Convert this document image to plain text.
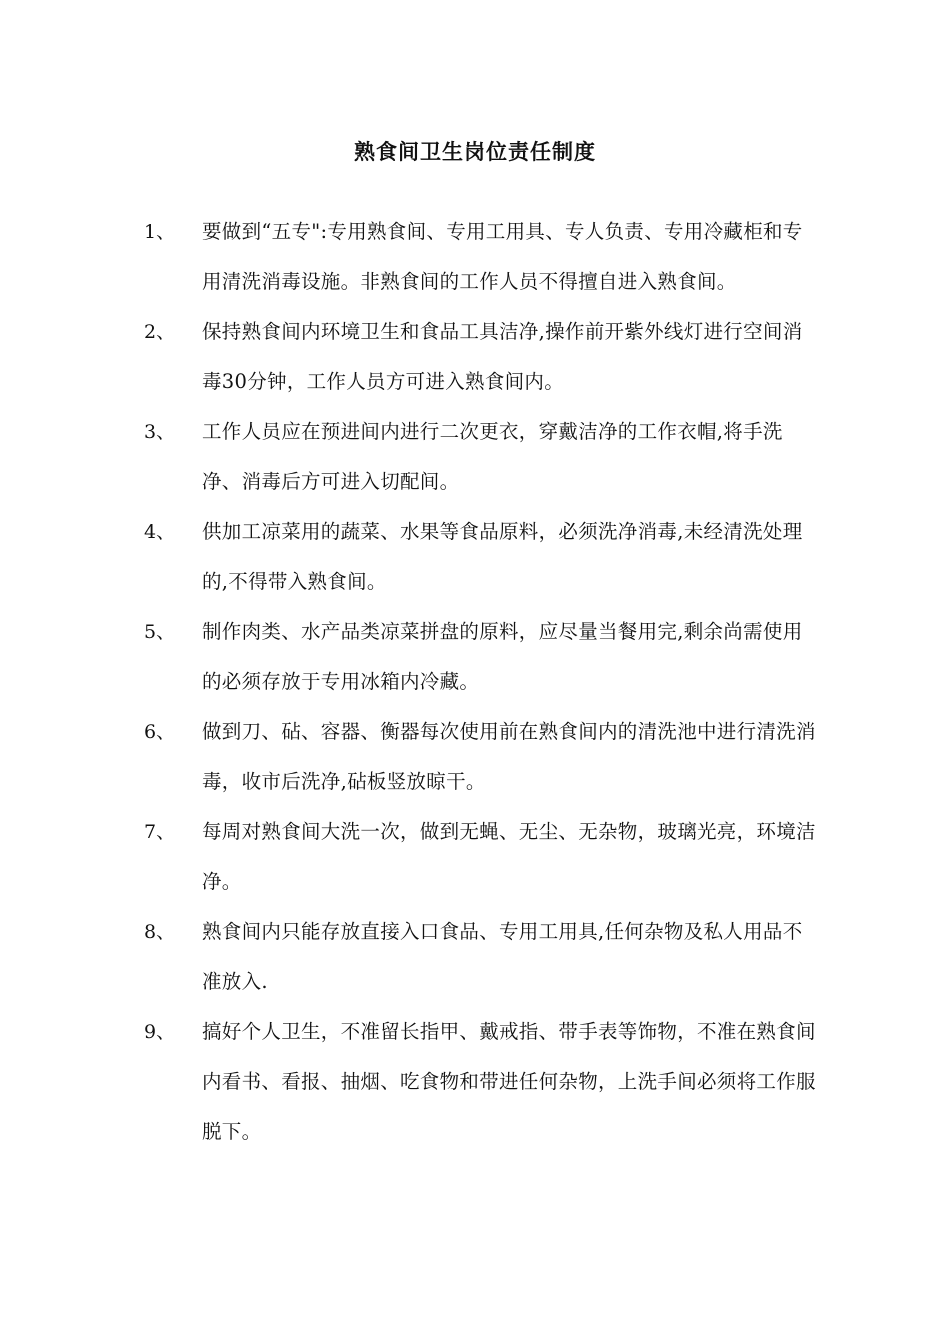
熟食间卫生岗位责任制度
1、	要做到“五专":专用熟食间、专用工用具、专人负责、专用冷藏柜和专用清洗消毒设施。非熟食间的工作人员不得擅自进入熟食间。
2、	保持熟食间内环境卫生和食品工具洁净,操作前开紫外线灯进行空间消毒30分钟，工作人员方可进入熟食间内。
3、	工作人员应在预进间内进行二次更衣，穿戴洁净的工作衣帽,将手洗净、消毒后方可进入切配间。
4、	供加工凉菜用的蔬菜、水果等食品原料，必须洗净消毒,未经清洗处理的,不得带入熟食间。
5、	制作肉类、水产品类凉菜拼盘的原料，应尽量当餐用完,剩余尚需使用的必须存放于专用冰箱内冷藏。
6、	做到刀、砧、容器、衡器每次使用前在熟食间内的清洗池中进行清洗消毒，收市后洗净,砧板竖放晾干。
7、	每周对熟食间大洗一次，做到无蝇、无尘、无杂物，玻璃光亮，环境洁净。
8、	熟食间内只能存放直接入口食品、专用工用具,任何杂物及私人用品不准放入.
9、	搞好个人卫生，不准留长指甲、戴戒指、带手表等饰物，不准在熟食间内看书、看报、抽烟、吃食物和带进任何杂物，上洗手间必须将工作服脱下。
